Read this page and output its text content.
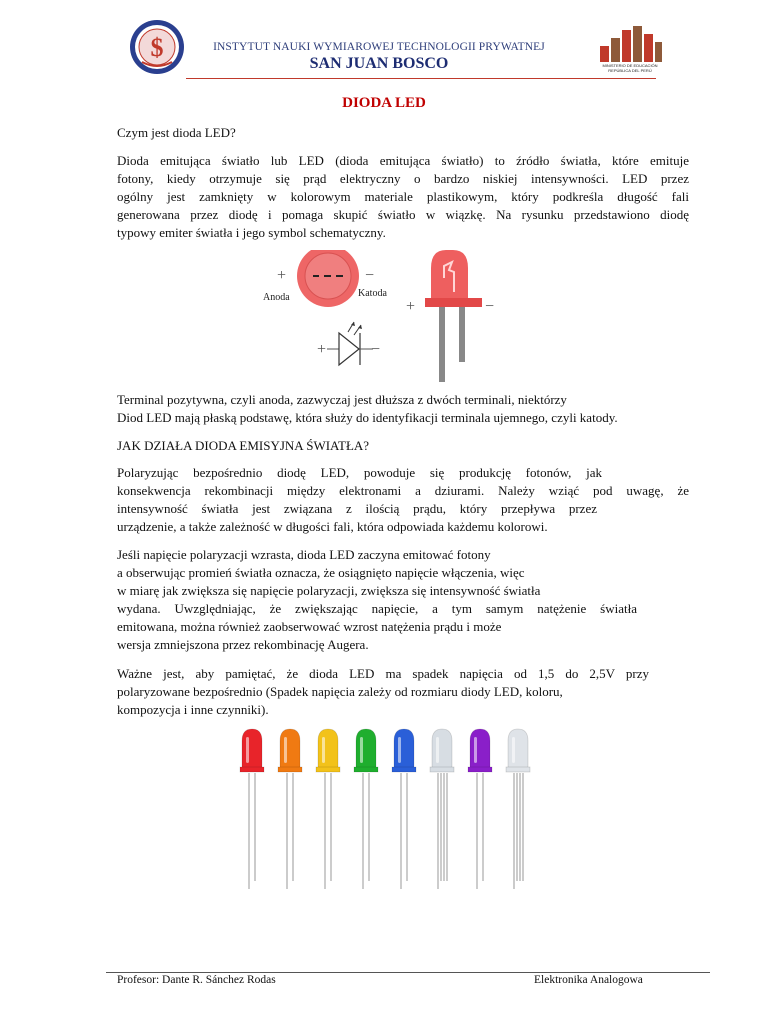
$	INSTYTUT NAUKI WYMIAROWEJ TECHNOLOGII PRYWATNEJ
SAN JUAN BOSCO	MINISTERIO DE EDUCACIÓN
REPÚBLICA DEL PERÚ
DIODA LED
Czym jest dioda LED?
Dioda emitująca światło lub LED (dioda emitująca światło) to źródło światła, które emituje
fotony, kiedy otrzymuje się prąd elektryczny o bardzo niskiej intensywności. LED przez
ogólny jest zamknięty w kolorowym materiale plastikowym, który podkreśla długość fali
generowana przez diodę i pomaga skupić światło w wiązkę. Na rysunku przedstawiono diodę
typowy emiter światła i jego symbol schematyczny.
+	−
Anoda	Katoda
+	−
+	−
Terminal pozytywna, czyli anoda, zazwyczaj jest dłuższa z dwóch terminali, niektórzy
Diod LED mają płaską podstawę, która służy do identyfikacji terminala ujemnego, czyli katody.
JAK DZIAŁA DIODA EMISYJNA ŚWIATŁA?
Polaryzując bezpośrednio diodę LED, powoduje się produkcję fotonów, jak
konsekwencja rekombinacji między elektronami a dziurami. Należy wziąć pod uwagę, że
intensywność światła jest związana z ilością prądu, który przepływa przez
urządzenie, a także zależność w długości fali, która odpowiada każdemu kolorowi.
Jeśli napięcie polaryzacji wzrasta, dioda LED zaczyna emitować fotony
a obserwując promień światła oznacza, że osiągnięto napięcie włączenia, więc
w miarę jak zwiększa się napięcie polaryzacji, zwiększa się intensywność światła
wydana. Uwzględniając, że zwiększając napięcie, a tym samym natężenie światła
emitowana, można również zaobserwować wzrost natężenia prądu i może
wersja zmniejszona przez rekombinację Augera.
Ważne jest, aby pamiętać, że dioda LED ma spadek napięcia od 1,5 do 2,5V przy
polaryzowane bezpośrednio (Spadek napięcia zależy od rozmiaru diody LED, koloru,
kompozycja i inne czynniki).
Profesor: Dante R. Sánchez Rodas	Elektronika Analogowa
